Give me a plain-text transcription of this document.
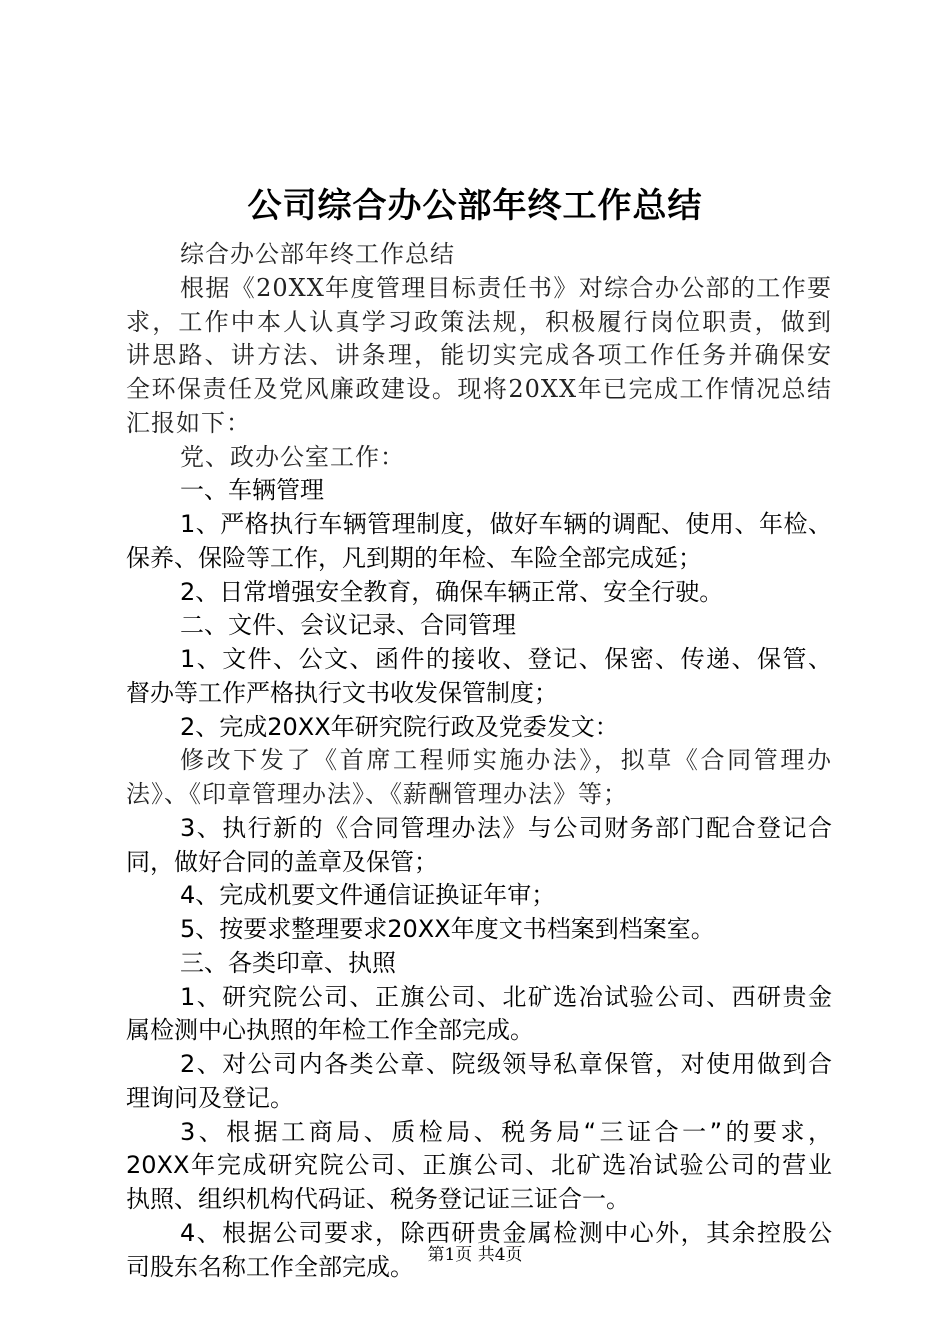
公司综合办公部年终工作总结
综合办公部年终工作总结
根据《20XX年度管理目标责任书》对综合办公部的工作要
求，工作中本人认真学习政策法规，积极履行岗位职责，做到
讲思路、讲方法、讲条理，能切实完成各项工作任务并确保安
全环保责任及党风廉政建设。现将20XX年已完成工作情况总结
汇报如下：
党、政办公室工作：
一、车辆管理
1、严格执行车辆管理制度，做好车辆的调配、使用、年检、
保养、保险等工作，凡到期的年检、车险全部完成延；
2、日常增强安全教育，确保车辆正常、安全行驶。
二、文件、会议记录、合同管理
1、文件、公文、函件的接收、登记、保密、传递、保管、
督办等工作严格执行文书收发保管制度；
2、完成20XX年研究院行政及党委发文：
修改下发了《首席工程师实施办法》，拟草《合同管理办
法》、《印章管理办法》、《薪酬管理办法》等；
3、执行新的《合同管理办法》与公司财务部门配合登记合
同，做好合同的盖章及保管；
4、完成机要文件通信证换证年审；
5、按要求整理要求20XX年度文书档案到档案室。
三、各类印章、执照
1、研究院公司、正旗公司、北矿选冶试验公司、西研贵金
属检测中心执照的年检工作全部完成。
2、对公司内各类公章、院级领导私章保管，对使用做到合
理询问及登记。
3、根据工商局、质检局、税务局“三证合一”的要求，
20XX年完成研究院公司、正旗公司、北矿选冶试验公司的营业
执照、组织机构代码证、税务登记证三证合一。
4、根据公司要求，除西研贵金属检测中心外，其余控股公
司股东名称工作全部完成。 第1页 共4页
